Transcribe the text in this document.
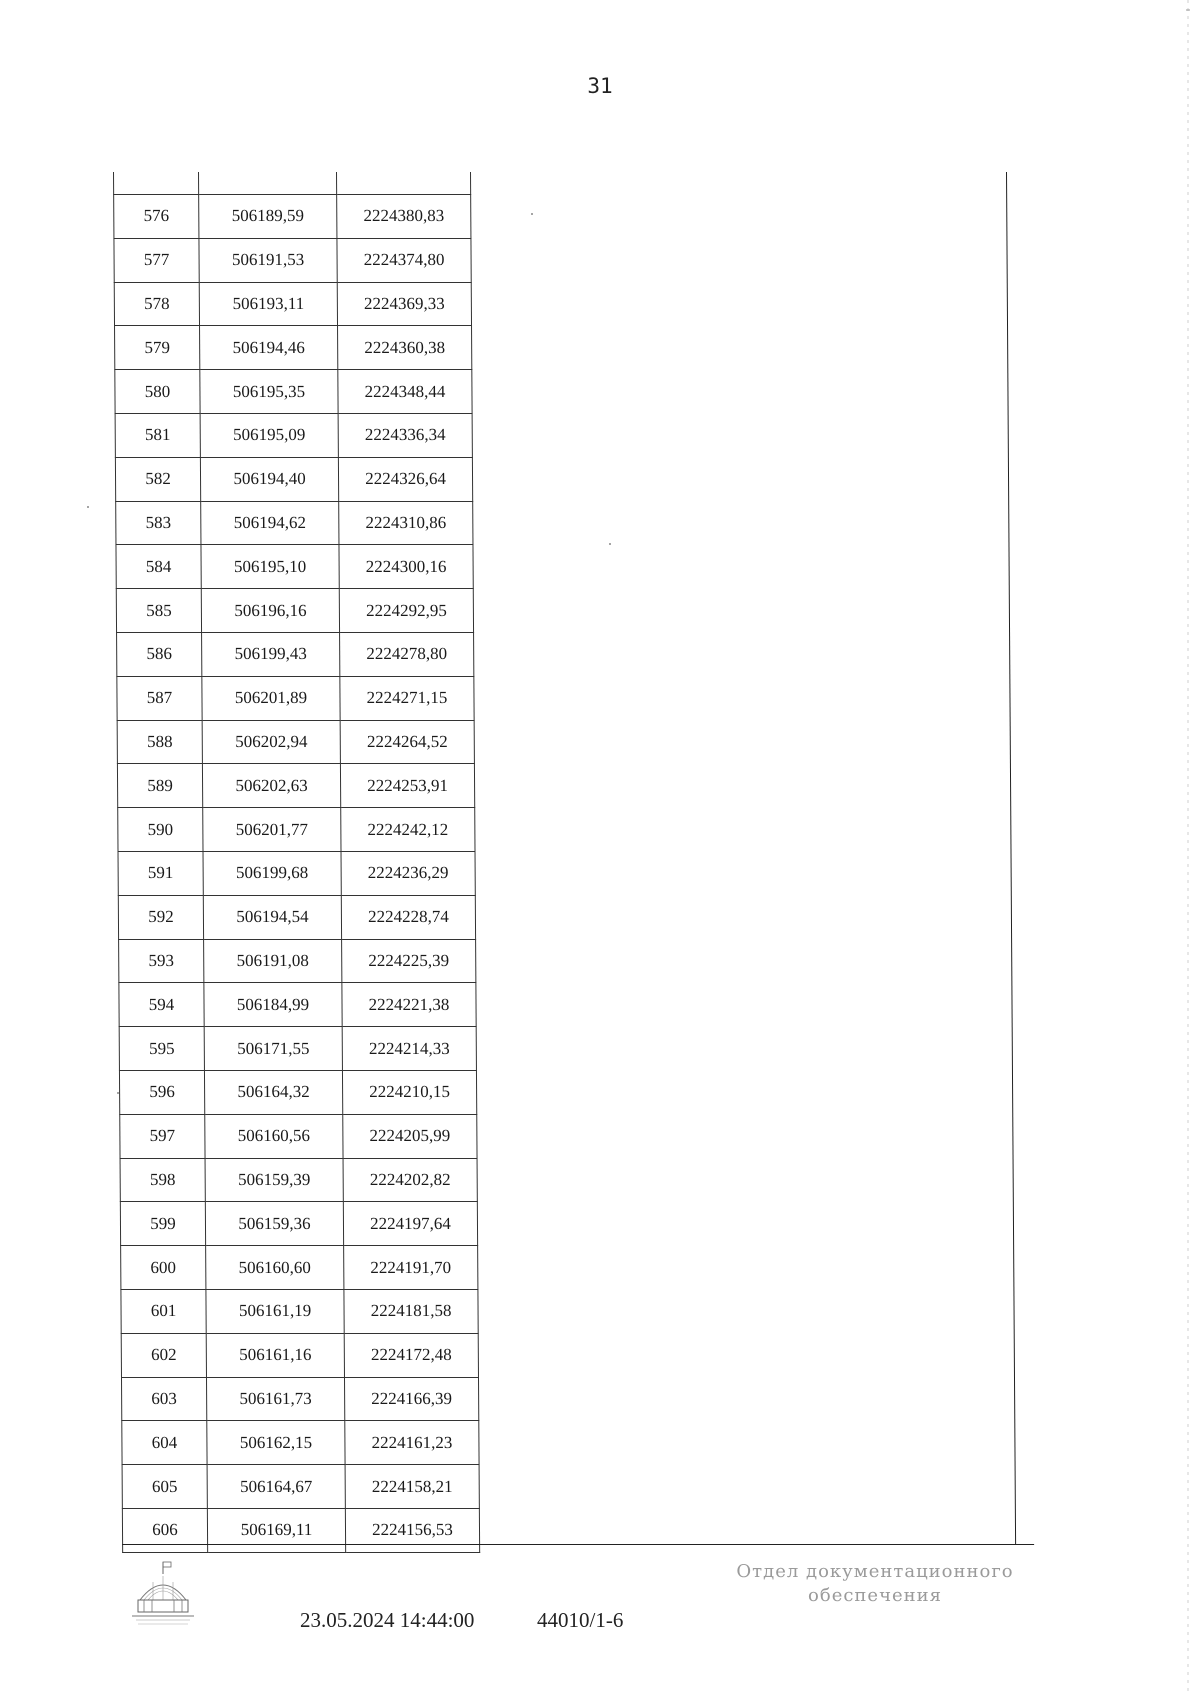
31

576	506189,59	2224380,83
577	506191,53	2224374,80
578	506193,11	2224369,33
579	506194,46	2224360,38
580	506195,35	2224348,44
581	506195,09	2224336,34
582	506194,40	2224326,64
583	506194,62	2224310,86
584	506195,10	2224300,16
585	506196,16	2224292,95
586	506199,43	2224278,80
587	506201,89	2224271,15
588	506202,94	2224264,52
589	506202,63	2224253,91
590	506201,77	2224242,12
591	506199,68	2224236,29
592	506194,54	2224228,74
593	506191,08	2224225,39
594	506184,99	2224221,38
595	506171,55	2224214,33
596	506164,32	2224210,15
597	506160,56	2224205,99
598	506159,39	2224202,82
599	506159,36	2224197,64
600	506160,60	2224191,70
601	506161,19	2224181,58
602	506161,16	2224172,48
603	506161,73	2224166,39
604	506162,15	2224161,23
605	506164,67	2224158,21
606	506169,11	2224156,53
23.05.2024 14:44:00	44010/1-6
Отдел документационного
обеспечения
